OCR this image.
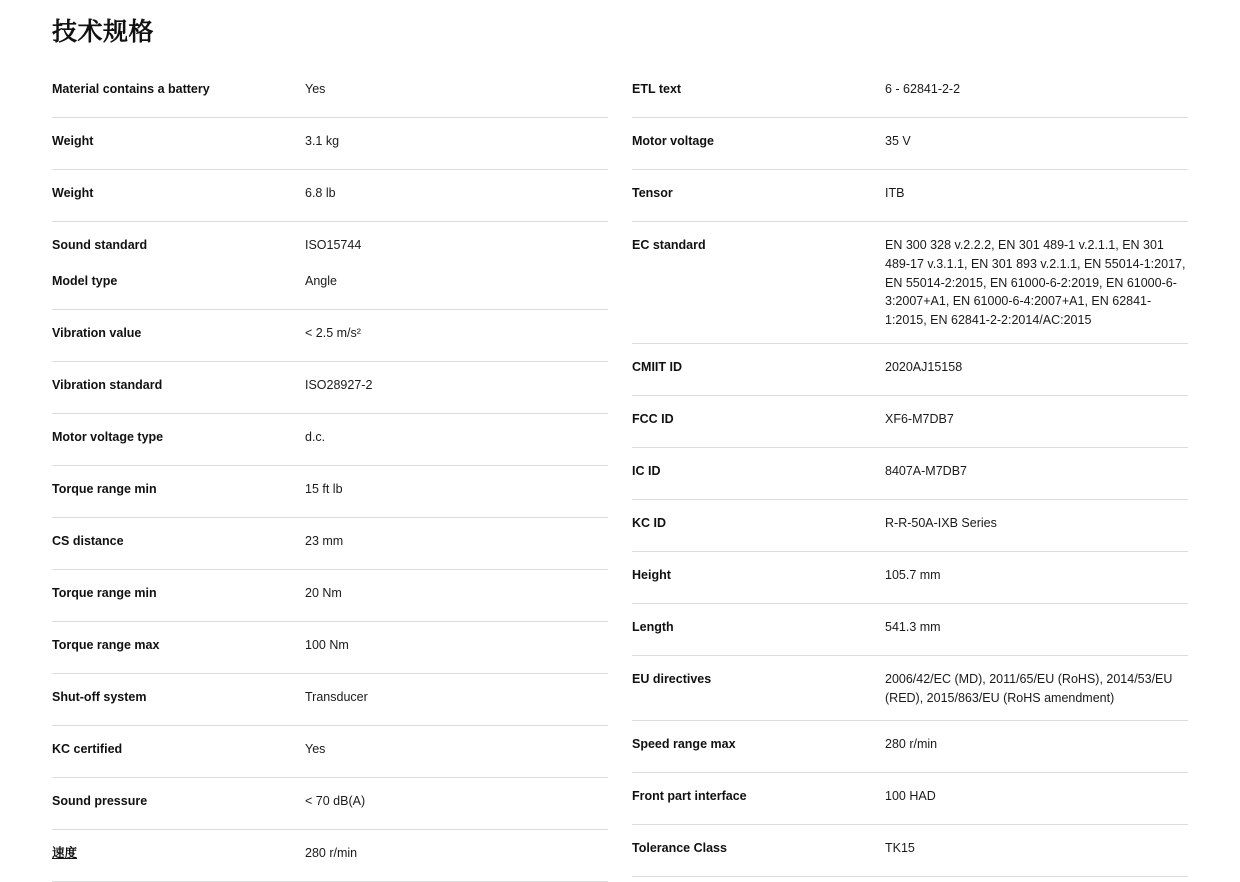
技术规格
Material contains a battery	Yes
Weight	3.1 kg
Weight	6.8 lb
Sound standard	ISO15744
Model type	Angle
Vibration value	< 2.5 m/s²
Vibration standard	ISO28927-2
Motor voltage type	d.c.
Torque range min	15 ft lb
CS distance	23 mm
Torque range min	20 Nm
Torque range max	100 Nm
Shut-off system	Transducer
KC certified	Yes
Sound pressure	< 70 dB(A)
速度	280 r/min
ETL text	6 - 62841-2-2
Motor voltage	35 V
Tensor	ITB
EC standard	EN 300 328 v.2.2.2, EN 301 489-1 v.2.1.1, EN 301 489-17 v.3.1.1, EN 301 893 v.2.1.1, EN 55014-1:2017, EN 55014-2:2015, EN 61000-6-2:2019, EN 61000-6-3:2007+A1, EN 61000-6-4:2007+A1, EN 62841-1:2015, EN 62841-2-2:2014/AC:2015
CMIIT ID	2020AJ15158
FCC ID	XF6-M7DB7
IC ID	8407A-M7DB7
KC ID	R-R-50A-IXB Series
Height	105.7 mm
Length	541.3 mm
EU directives	2006/42/EC (MD), 2011/65/EU (RoHS), 2014/53/EU (RED), 2015/863/EU (RoHS amendment)
Speed range max	280 r/min
Front part interface	100 HAD
Tolerance Class	TK15
